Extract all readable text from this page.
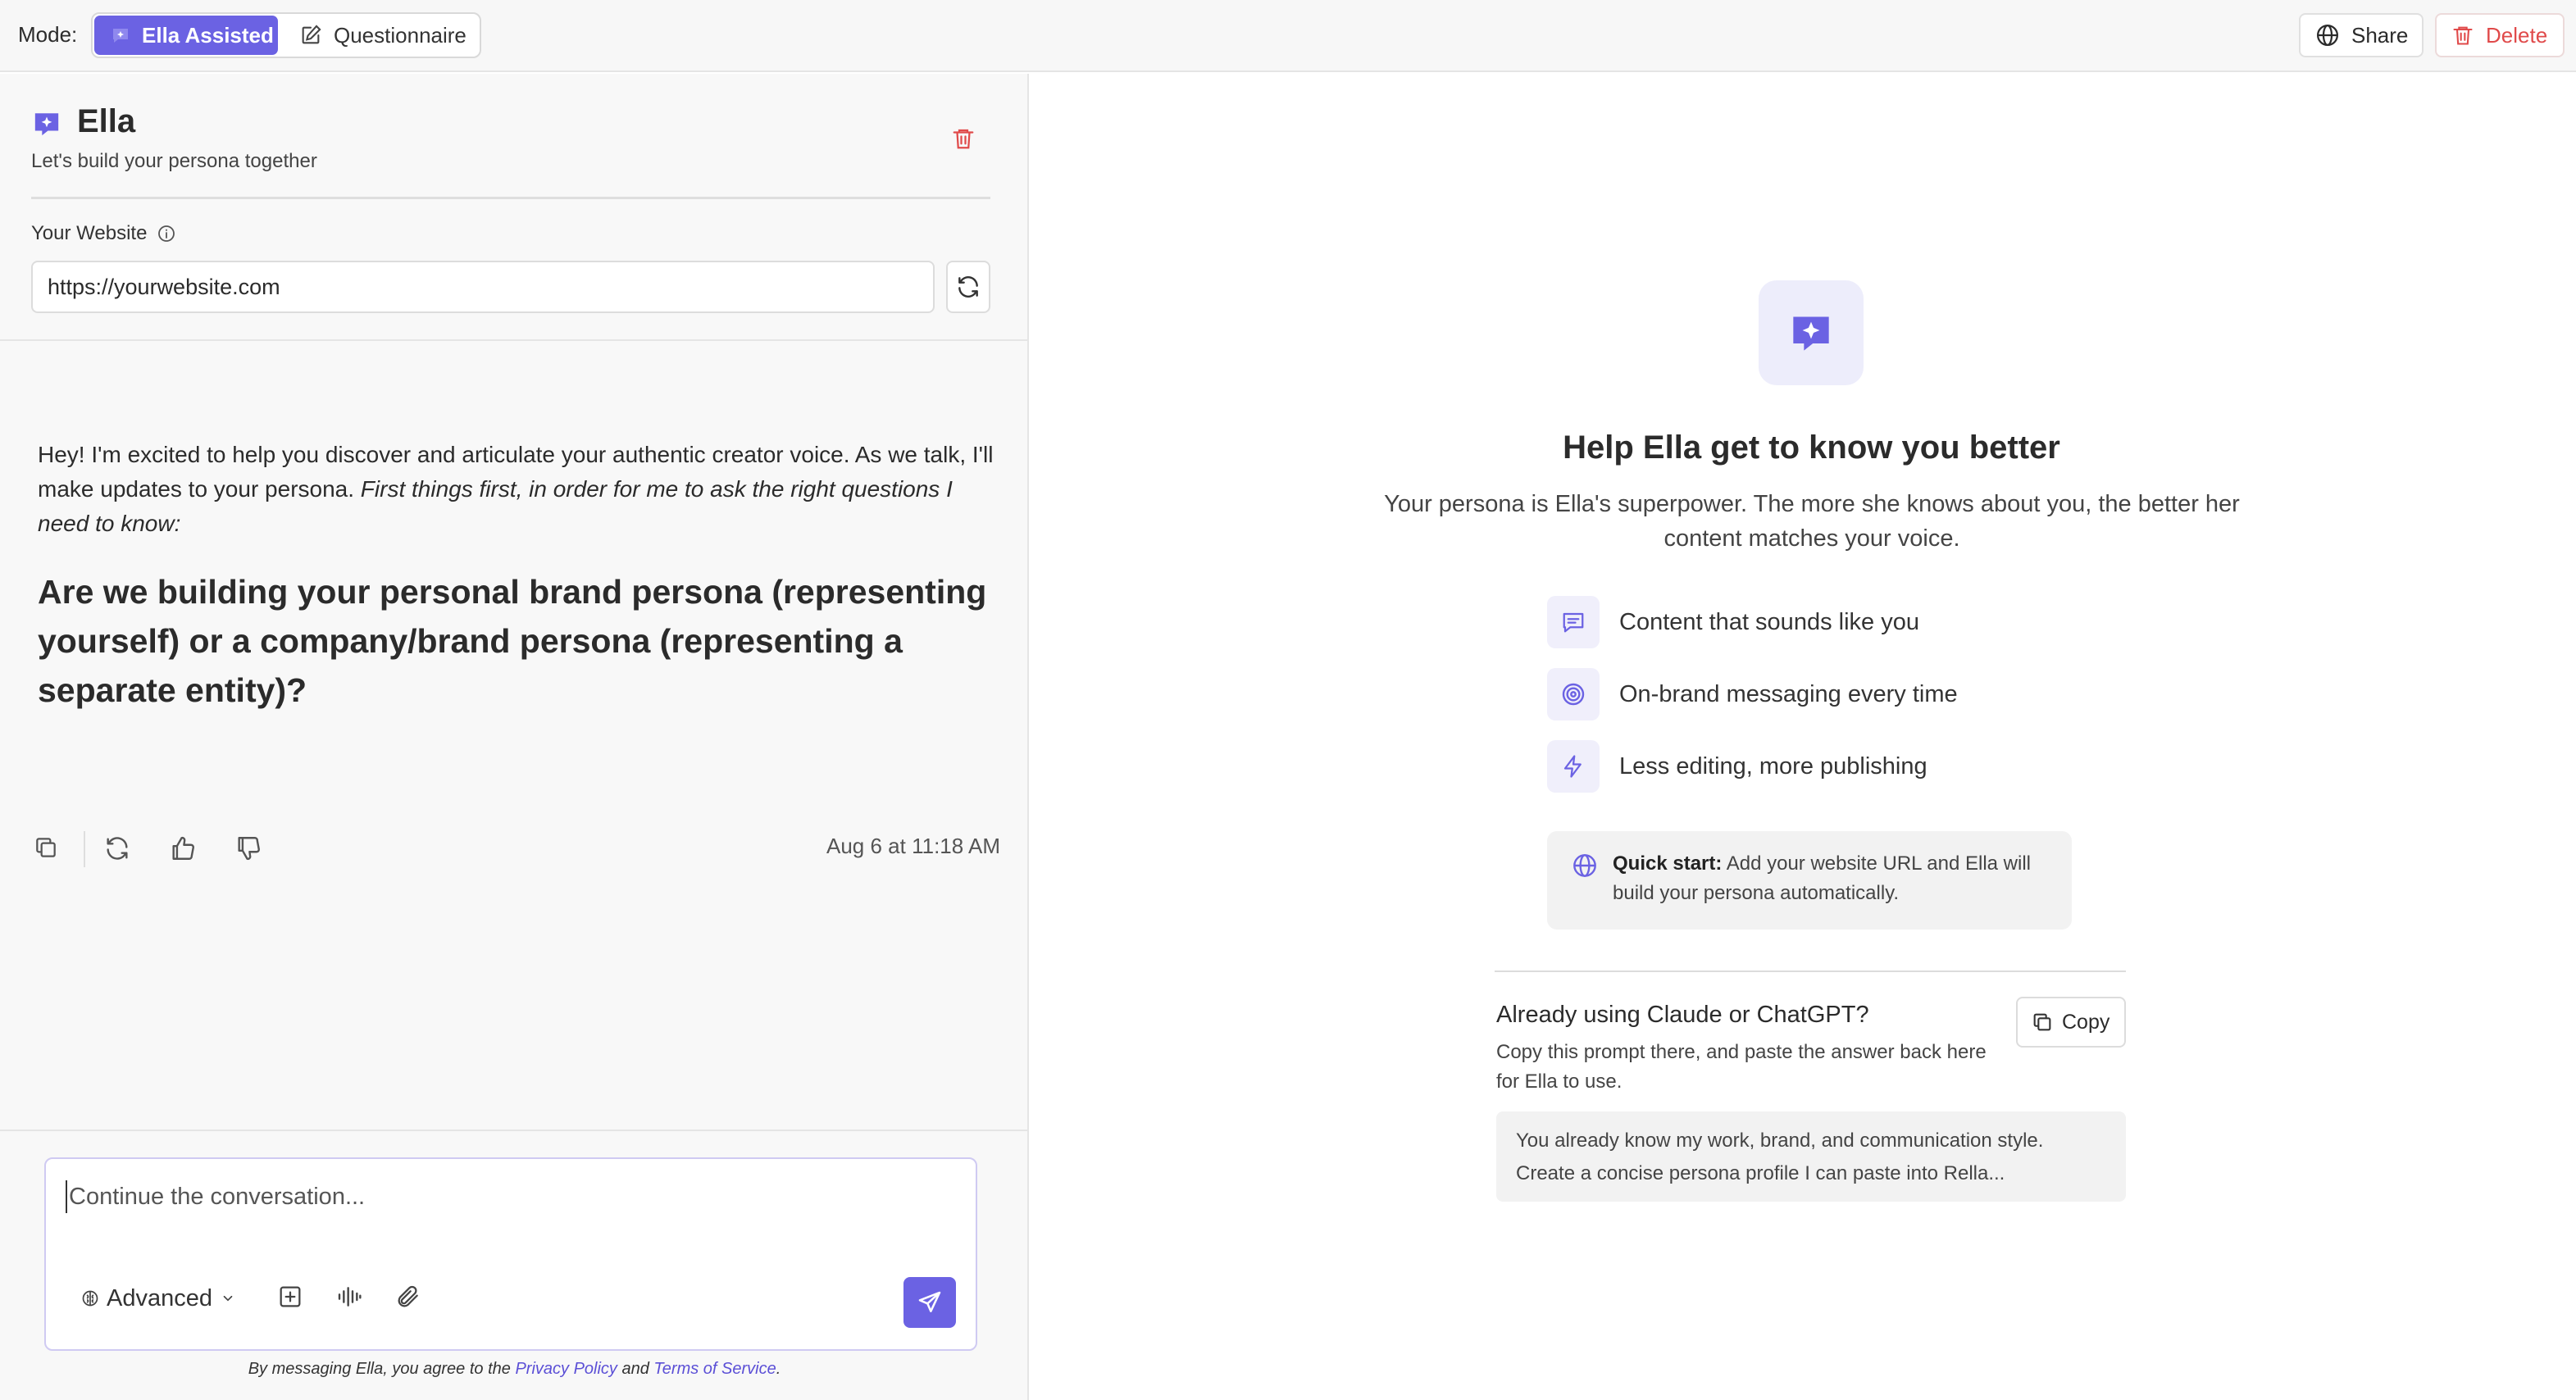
Mode:	Ella Assisted	Questionnaire	Share	Delete
Ella
Let's build your persona together
Your Website
https://yourwebsite.com
Hey! I'm excited to help you discover and articulate your authentic creator voice. As we talk, I'll make updates to your persona. First things first, in order for me to ask the right questions I need to know:
Are we building your personal brand persona (representing yourself) or a company/brand persona (representing a separate entity)?
Aug 6 at 11:18 AM
Continue the conversation...
Advanced
By messaging Ella, you agree to the Privacy Policy and Terms of Service.
Help Ella get to know you better
Your persona is Ella's superpower. The more she knows about you, the better her content matches your voice.
Content that sounds like you
On-brand messaging every time
Less editing, more publishing
Quick start: Add your website URL and Ella will build your persona automatically.
Already using Claude or ChatGPT?
Copy this prompt there, and paste the answer back here for Ella to use.
Copy
You already know my work, brand, and communication style. Create a concise persona profile I can paste into Rella...
